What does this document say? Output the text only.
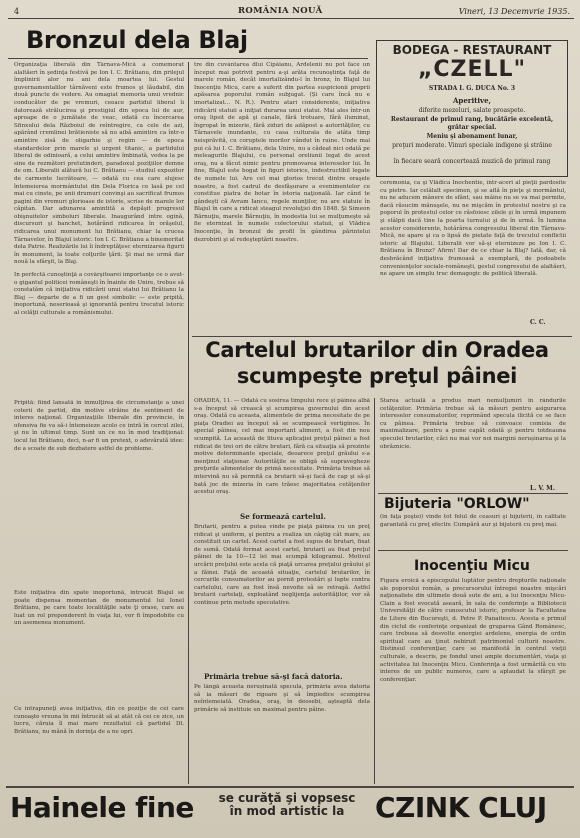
4	ROMÂNIA NOUĂ	Vineri, 13 Decemvrie 1935.
Bronzul dela Blaj

Organizaţia liberală din Târnava-Mică a comemorat alaltăeri în şedinţa festivă pe Ion I. C. Brătianu, din prilejul împlinirii alor nu ani dela moartea lui. Gestul guvernamentalilor târnăveni este frumos şi lăudabil, din două puncte de vedere. Au omagiat memoria unui vrednic conducător de pe vremuri, ceeace partidul liberal îi datorează strălucirea şi prestigiul din epoca lui de aur, aproape de o jumătate de veac, odată cu încercarea Sfinxului dela Războiul de reîntregire, ca cele de azi, apărând cremlinei brătieniste să nu aibă amintire ca într-o amintire zisă de oligarhie şi regim — de epoca standardelor prin marele şi urgent titanic, a partidului liberal de odinioară, a celui amintire îmbinată, vedea la pe sine de rezmători pretutinderi, paradoxul poziţiilor demne de om. Liberalii alătură lui C. Brătianu — studiul expozitor de carmente lucrătoare, — odată cu cea care slujesc întemeierea mormântului din Dela Florica ce lasă pe cel mai cu cinste, pe unii drumuri convinşi au sacrificat frumos pagini din vremuri glorioase de istorie, scrise de marele lor căpitan. Dar adunarea amintită a depăşit progresul obişnuitelor simboluri liberale. Inaugurând intre ogină, discursuri şi banchet, hotărând ridicarea în orăşelul, ridicarea unui monument lui Brătianu, chiar la crucea Târnavelor, în Blajul istoric. Ion I. C. Brătianu a binemeritat dela Patrie. Realizările lui îi îndreptăţesc eternizarea figurii în monument, la toate colţurile ţării. Şi mai ne urmă dar nouă la sfârşit, la Blaj.

În perfectă cunoştinţă a covârşitoarei importanţe ce o avut-o gigantul politicei româneşti în înainte de Unire, trebue să constatăm că iniţiativa ridicării unui statui lui Brătianu la Blaj — departe de a fi un gest simbolic — este pripită, inoportună, neserioasă şi ignorantă pentru trecutul istoric al celăţii culturale a românismului.

Pripită: fiind lansată în înmulţirea de circumstanţe a unei coterii de partid, din motive străine de sentiment de interes naţional. Organizaţiile liberale din provincie, în ofensiva fie va să-i întemeieze acolo ce intră în cercul zilei, şi nu în ultimul timp. Sunt un ce nu în mod tradiţional: locul lui Brătianu, deci, n-ar fi un pretext, o adevărată idee: de a scoate de sub dezbatere astfel de probleme.

Este iniţiativa din spate inoportună, întrucât Blajul se poate dispensa momentan de monumentul lui Ionel Brătianu, pe care toate localităţile sate ţi orase, care au luat un rol preponderent în viaţa lui, vor fi împodobite cu un asemenea monument.

Ce intrapuneţi avea iniţiativa, din ce poziţie de cei care cunoaşte vreuna în mii întrucât să ai atât că cei ce zice, un lucru, căruia îl mai mare rezultatul că partidul Dl. Brătianu, nu mână în dorinţa de a ne opri.

tre din cuvântarea dlui Cipăianu, Ardelenii nu pot face un început mai potrivit pentru a-şi arăta recunoştinţa faţă de marele român, decât imortalizându-l în bronz, în Blajul lui Inocenţiu Micu, care a suferit din partea suspicionii proprii apăsarea poporului român subjugat. (Și care încă nu e imortalizat... N. R.). Pentru atari considerente, iniţiativa ridicării statuii a iniţiat durarea unui statui. Mai ales într-un oraş lipsit de apă şi canale, fără trotuare, fără iluminat, îngropat în mizerie, fără ziduri de adăpost a autorităţilor, cu Târnavele inundante, cu casa culturala de atâta timp neisprăvită, cu coruptele morilor vândut în ruine. Unde mai pui că lui I. C. Brătianu, dela Unire, nu a cădeat nici odată pe meleagurile Blajului, cu personal oreliunii legat de acest oraş, nu a făcut nimic pentru promovarea intereselor lui. În fine, Blajul este bogat în figuri istorice, indestructibil legate de numele lui. Are cel mai glorios trecut dintre oraşele noastre, a fost cadrul de desfăşurare a evenimentelor ce constitue piatra de hotar în istoria naţională. Iar când te gândeşti că Avram Iancu, regele munţilor, nu are statuie în Blajul în care a ridicat steagul revoluţiei din 1848. Şi Simeon Bărnuţiu, marele Bărnuţiu, în modestia lui se mulţumeşte să fie eternizat în numele colectorului statuii, şi Vlădica Inocenţie, în bronzul de profil în gândirea părintelui dezrobirii şi al redeşteptării noastre.

BODEGA - RESTAURANT
„CZELL"
STRADA I. G. DUCA No. 3
Aperitive,
diferite mezeluri, salate proaspete.
Restaurant de primul rang, bucătărie excelentă, grătar special.
Meniu şi abonament lunar,
preţuri moderate. Vinuri speciale indigene şi străine
în fiecare seară concertează muzică de primul rang

ceremonia, ca şi Vlădica Inochentie, într-aceri al pieţii pardosite cu pietre. Iar celălalt specimen, şi se află în pieţe şi mormântul, nu ne aducem mânere de sfânt, sau mâine nu se va mai permite, dacă răsucim mânuşele, nu ne mişcăm în protestul nostru şi ca poporul în protestul celor ce răsfoiesc zilele şi în urmă impunem şi stâlpii dacă tine la poarta turnului şi de în urmă. În lumina acestor considerente, hotărârea congresului liberal din Târnava-Mică, ne apare şi ca o lipsă de pietate faţă de trecutul conflictii istoric al Blajului. Liberalii vor să-şi eternizeze pe Ion I. C. Brătianu în Bronz? Afirm! Dar de ce chiar la Blaj? Iată, dar, că desbrăcând iniţiativa frumoasă a exemplară, de podoabele convenienţelor sociale-româneşti, gestul congresului de alaltăeri, ne apare un simplu truc demagogic de politică liberală.

C. C.
Cartelul brutarilor din Oradea
scumpeşte preţul pâinei

ORADEA, 11. — Odată cu sosirea timpului rece şi pâinea albă s-a început să crească şi scumpirea guvernului din acest oraş. Odată cu aceasta, alimentele de prima necesitate de pe piaţa Oradiei au început să se scumpească vertiginos. În special pâinea, cel mai important aliment, a fost din nou scumpită. La această de lituva aplicaţiei preţul pâinei a fost ridicat de trei ori de către brutari, fără ca situaţia să prezinte motive determinante speciale, deoarece preţul grâului s-a menţinut staţionar. Autorităţile se obligă să supravegheze preţurile alimentelor de primă necesitate. Primăria trebue să intervină nu să permită ca brutarii să-şi facă de cap şi să-şi bată joc de mizeria în care trăesc majoritatea cetăţenilor acestui oraş.

Se formează cartelul.

Brutarii, pentru a putea vinde pe piaţă pâinea cu un preţ ridicat şi uniform, şi pentru a realiza un câştig cât mare, au constituit un cartel. Acest cartel a fost supus de brutari, fixat de sumă. Odată format acest cartel, brutarii au fixat preţul pâinei de la 10—12 lei mai scumpă kilogramul. Motivul urcării preţului este acela că piaţă urcarea preţului grâului şi a făinei. Faţă de această situaţie, cartelul brutarilor, în cercurile consumatorilor au pornit protestări şi lupte contra cartelului, care au fost însă nevoite să se retragă. Astfel brutarii cartelaţi, exploatând neglijenţa autorităţilor, vor să continue prin metode speculative.

Primăria trebue să-şi facă datoria.

Pe lângă aceasta nerușinată specula, primăria avea datoria să ia măsuri de rigoare şi să împiedice scumpirea neîntemeiată. Oradea, oraş, în deosebi, aşteaptă dela primărie să instituie un maximal pentru pâine.

Starea actuală a produs mari nemulţumiri în rândurile cetăţenilor. Primăria trebue să ia măsuri pentru asigurarea intereselor consumatorilor, reprimând specula ilicită ce se face cu pâinea. Primăria trebue să convoace comisia de maximalizare, pentru a pune capăt odată şi pentru totdeauna speculei brutarilor, căci nu mai vor noi margini nerușinarea şi la obrăznicie.

L. V. M.
Bijuteria "ORLOW"

(în faţa poştei) vinde tot felul de ceasuri şi bijuterii, în calitate garantată cu preţ efectiv. Cumpără aur şi bijuterii cu preţ mai.

Inocenţiu Micu

Figura eroică a episcopului luptător pentru drepturile naţionale ale poporului român, a precursorului întregei noastre mişcări naţionaliste din ultimele două sute de ani, a lui Inocenţiu Micu-Clain a fost evocată aseară, în sala de conferinţe a Bibliotecii Universităţii de către cunoscutul istoric, profesor la Facultatea de Litere din Bucureşti, d. Petre P. Panaitescu. Acesta e primul din ciclul de conferinţe organizat de gruparea Gând Românesc, care trebuea să desvolte energiei ardelene, energia de ordin spiritual care au ţinut nebiruit patrimoniul culturii noastre. Distinsul conferenţiar, care se manifestă în centrul vieţii culturale, a descris, pe fondul unei ample documentări, viaţa şi activitatea lui Inocenţiu Micu. Conferinţa a fost urmărită cu viu interes de un public numeros, care a aplaudat la sfârşit pe conferenţiar.

Hainele fine	se curăţă şi vopsesc în mod artistic la	CZINK CLUJ
